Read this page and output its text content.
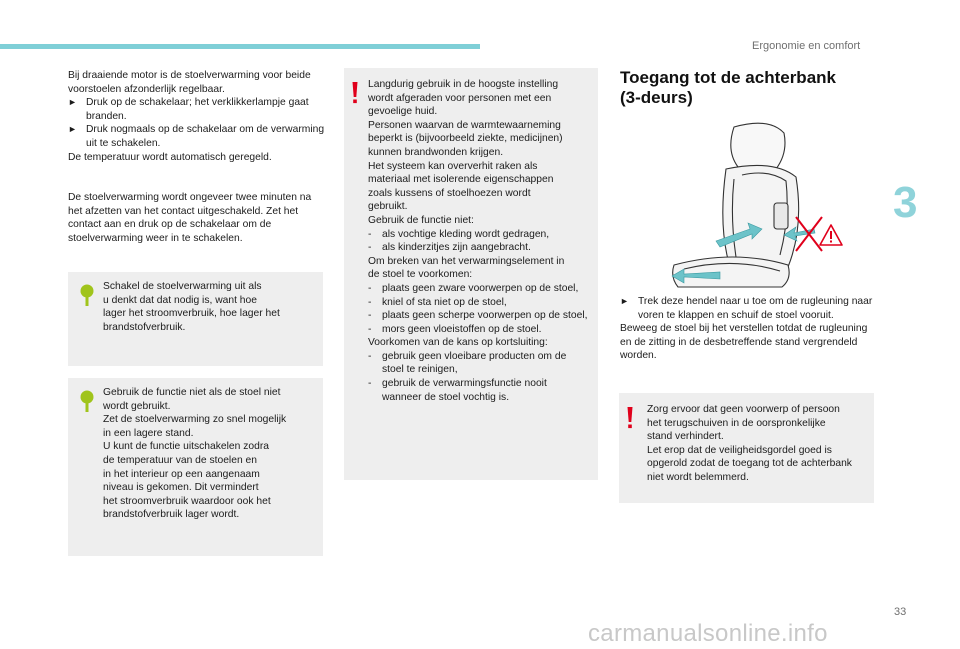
Ergonomie en comfort
3

Bij draaiende motor is de stoelverwarming voor beide voorstoelen afzonderlijk regelbaar.

► Druk op de schakelaar; het verklikkerlampje gaat branden.
► Druk nogmaals op de schakelaar om de verwarming uit te schakelen.

De temperatuur wordt automatisch geregeld.

De stoelverwarming wordt ongeveer twee minuten na het afzetten van het contact uitgeschakeld. Zet het contact aan en druk op de schakelaar om de stoelverwarming weer in te schakelen.
Schakel de stoelverwarming uit als
u denkt dat dat nodig is, want hoe
lager het stroomverbruik, hoe lager het
brandstofverbruik.
Gebruik de functie niet als de stoel niet
wordt gebruikt.
Zet de stoelverwarming zo snel mogelijk
in een lagere stand.
U kunt de functie uitschakelen zodra
de temperatuur van de stoelen en
in het interieur op een aangenaam
niveau is gekomen. Dit vermindert
het stroomverbruik waardoor ook het
brandstofverbruik lager wordt.
Langdurig gebruik in de hoogste instelling
wordt afgeraden voor personen met een
gevoelige huid.
Personen waarvan de warmtewaarneming
beperkt is (bijvoorbeeld ziekte, medicijnen)
kunnen brandwonden krijgen.
Het systeem kan oververhit raken als
materiaal met isolerende eigenschappen
zoals kussens of stoelhoezen wordt
gebruikt.
Gebruik de functie niet:
- als vochtige kleding wordt gedragen,
- als kinderzitjes zijn aangebracht.
Om breken van het verwarmingselement in
de stoel te voorkomen:
- plaats geen zware voorwerpen op de stoel,
- kniel of sta niet op de stoel,
- plaats geen scherpe voorwerpen op de stoel,
- mors geen vloeistoffen op de stoel.
Voorkomen van de kans op kortsluiting:
- gebruik geen vloeibare producten om de stoel te reinigen,
- gebruik de verwarmingsfunctie nooit wanneer de stoel vochtig is.
Toegang tot de achterbank
(3-deurs)
► Trek deze hendel naar u toe om de rugleuning naar voren te klappen en schuif de stoel vooruit.

Beweeg de stoel bij het verstellen totdat de rugleuning en de zitting in de desbetreffende stand vergrendeld worden.

Zorg ervoor dat geen voorwerp of persoon
het terugschuiven in de oorspronkelijke
stand verhindert.
Let erop dat de veiligheidsgordel goed is
opgerold zodat de toegang tot de achterbank
niet wordt belemmerd.
33
carmanualsonline.info
